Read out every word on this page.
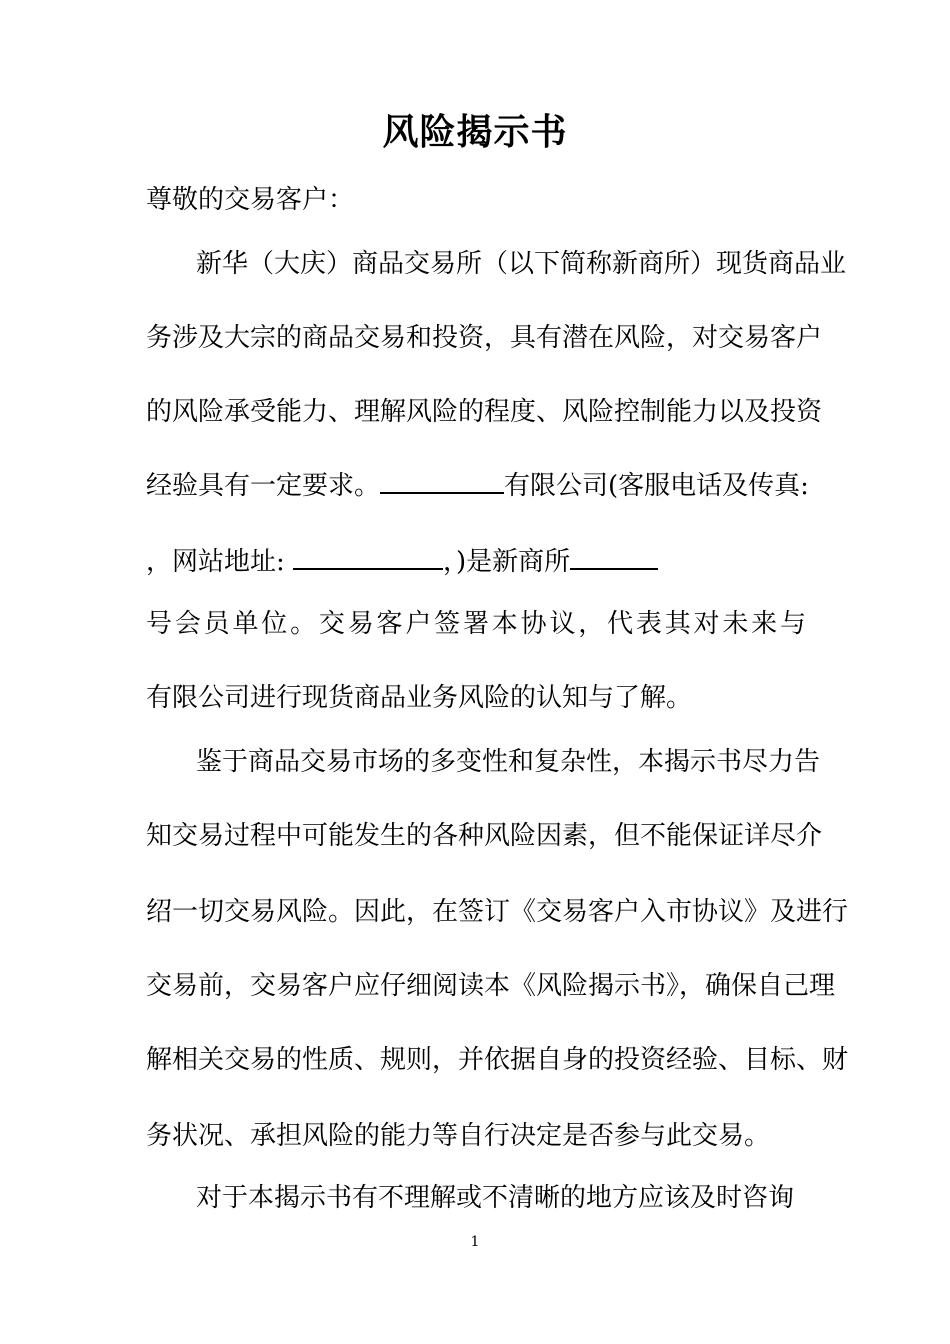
风险揭示书
尊敬的交易客户：
新华（大庆）商品交易所（以下简称新商所）现货商品业
务涉及大宗的商品交易和投资，具有潜在风险，对交易客户
的风险承受能力、理解风险的程度、风险控制能力以及投资
经验具有一定要求。	有限公司(客服电话及传真:
，网站地址:	，)是新商所
号会员单位。交易客户签署本协议，代表其对未来与
有限公司进行现货商品业务风险的认知与了解。
鉴于商品交易市场的多变性和复杂性，本揭示书尽力告
知交易过程中可能发生的各种风险因素，但不能保证详尽介
绍一切交易风险。因此，在签订《交易客户入市协议》及进行
交易前，交易客户应仔细阅读本《风险揭示书》，确保自己理
解相关交易的性质、规则，并依据自身的投资经验、目标、财
务状况、承担风险的能力等自行决定是否参与此交易。
对于本揭示书有不理解或不清晰的地方应该及时咨询
1
